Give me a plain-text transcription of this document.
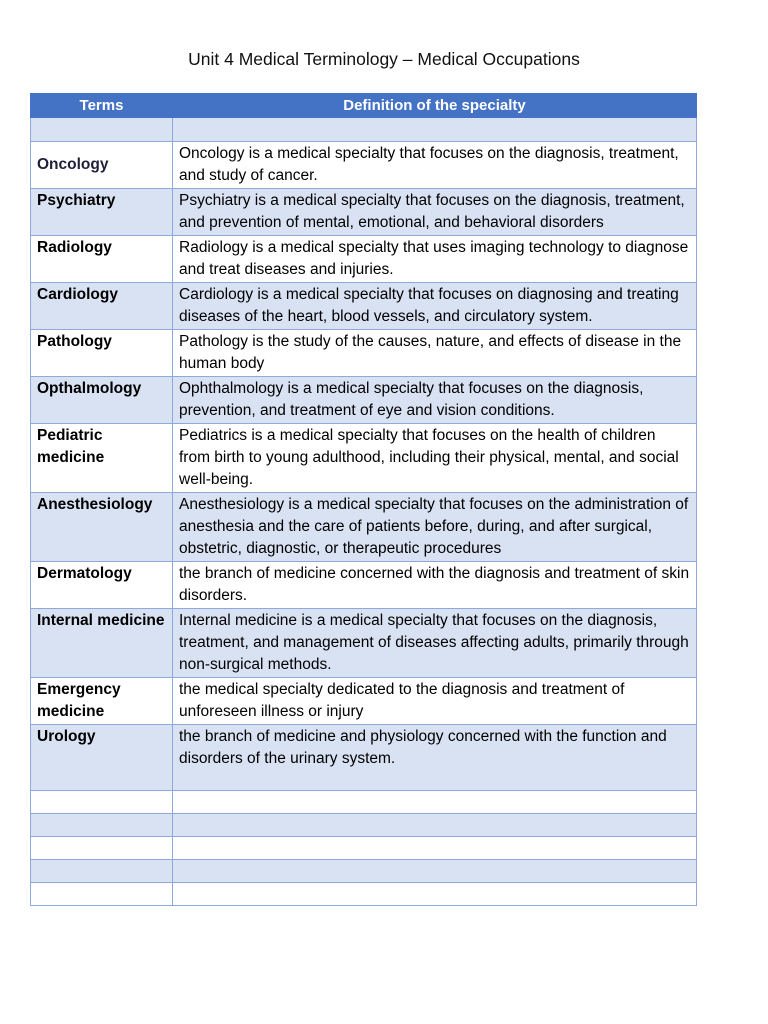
Unit 4 Medical Terminology – Medical Occupations
Terms	Definition of the specialty

Oncology	Oncology is a medical specialty that focuses on the diagnosis, treatment, and study of cancer.
Psychiatry	Psychiatry is a medical specialty that focuses on the diagnosis, treatment, and prevention of mental, emotional, and behavioral disorders
Radiology	Radiology is a medical specialty that uses imaging technology to diagnose and treat diseases and injuries.
Cardiology	Cardiology is a medical specialty that focuses on diagnosing and treating diseases of the heart, blood vessels, and circulatory system.
Pathology	Pathology is the study of the causes, nature, and effects of disease in the human body
Opthalmology	Ophthalmology is a medical specialty that focuses on the diagnosis, prevention, and treatment of eye and vision conditions.
Pediatric medicine	Pediatrics is a medical specialty that focuses on the health of children from birth to young adulthood, including their physical, mental, and social well-being.
Anesthesiology	Anesthesiology is a medical specialty that focuses on the administration of anesthesia and the care of patients before, during, and after surgical, obstetric, diagnostic, or therapeutic procedures
Dermatology	the branch of medicine concerned with the diagnosis and treatment of skin disorders.
Internal medicine	Internal medicine is a medical specialty that focuses on the diagnosis, treatment, and management of diseases affecting adults, primarily through non-surgical methods.
Emergency medicine	the medical specialty dedicated to the diagnosis and treatment of unforeseen illness or injury
Urology	the branch of medicine and physiology concerned with the function and disorders of the urinary system.
